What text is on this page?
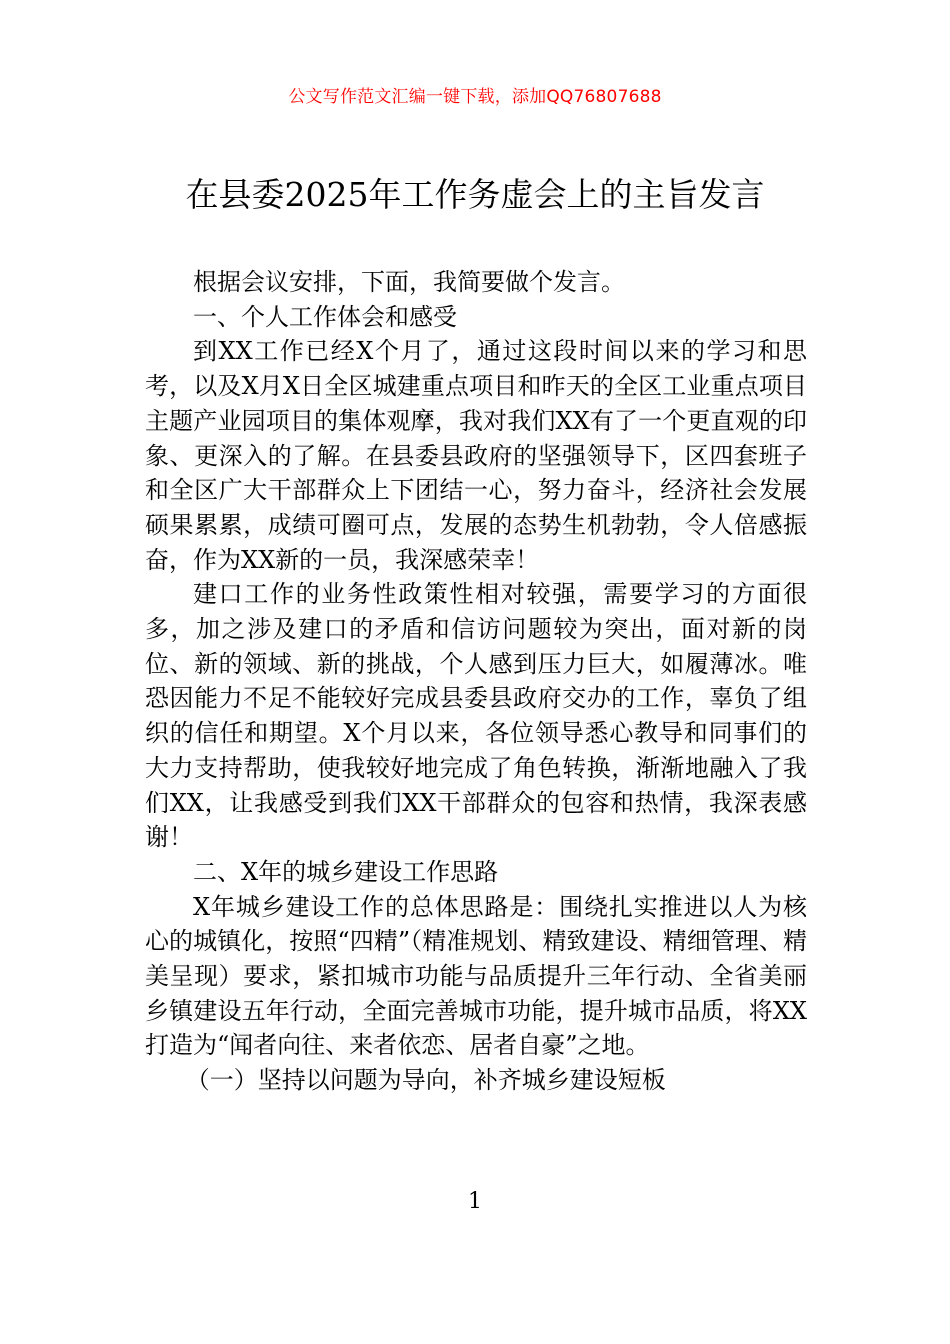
公文写作范文汇编一键下载，添加QQ76807688
在县委2025年工作务虚会上的主旨发言

根据会议安排，下面，我简要做个发言。

一、个人工作体会和感受

到XX工作已经X个月了，通过这段时间以来的学习和思考，以及X月X日全区城建重点项目和昨天的全区工业重点项目主题产业园项目的集体观摩，我对我们XX有了一个更直观的印象、更深入的了解。在县委县政府的坚强领导下，区四套班子和全区广大干部群众上下团结一心，努力奋斗，经济社会发展硕果累累，成绩可圈可点，发展的态势生机勃勃，令人倍感振奋，作为XX新的一员，我深感荣幸！

建口工作的业务性政策性相对较强，需要学习的方面很多，加之涉及建口的矛盾和信访问题较为突出，面对新的岗位、新的领域、新的挑战，个人感到压力巨大，如履薄冰。唯恐因能力不足不能较好完成县委县政府交办的工作，辜负了组织的信任和期望。X个月以来，各位领导悉心教导和同事们的大力支持帮助，使我较好地完成了角色转换，渐渐地融入了我们XX，让我感受到我们XX干部群众的包容和热情，我深表感谢！

二、X年的城乡建设工作思路

X年城乡建设工作的总体思路是：围绕扎实推进以人为核心的城镇化，按照“四精”（精准规划、精致建设、精细管理、精美呈现）要求，紧扣城市功能与品质提升三年行动、全省美丽乡镇建设五年行动，全面完善城市功能，提升城市品质，将XX打造为“闻者向往、来者依恋、居者自豪”之地。

（一）坚持以问题为导向，补齐城乡建设短板

1
